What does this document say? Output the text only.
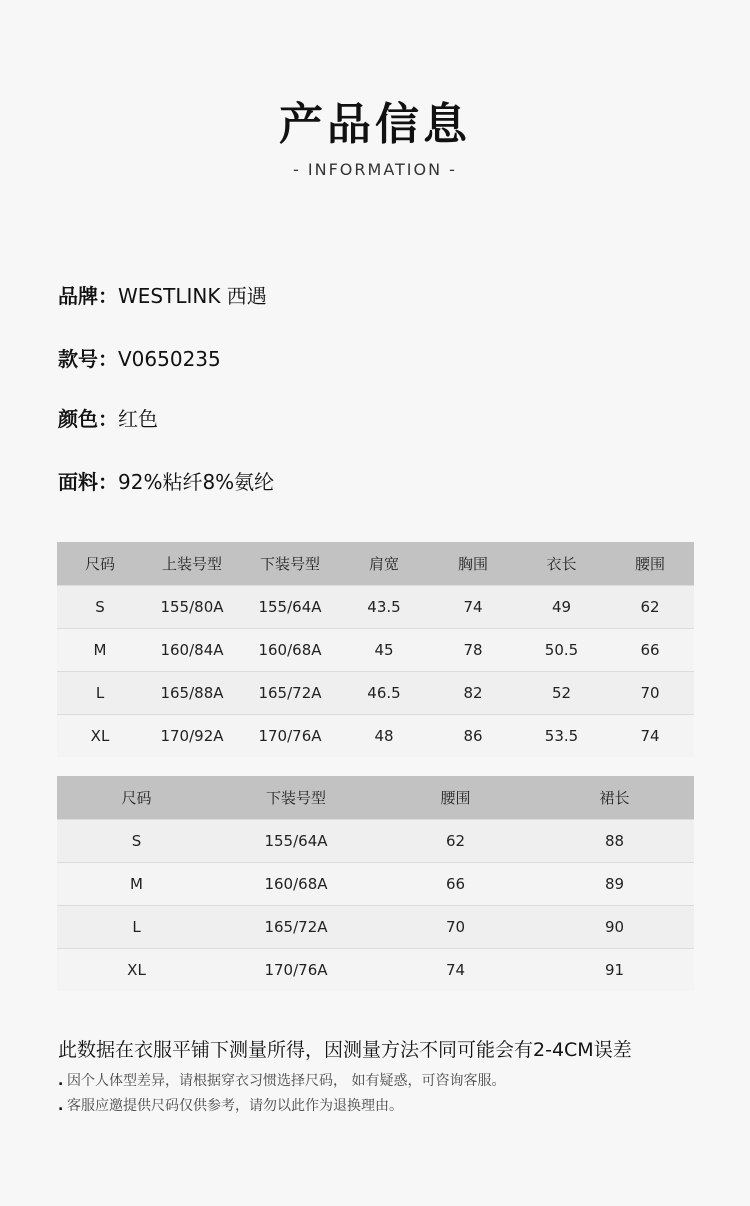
产品信息
- INFORMATION -
品牌：WESTLINK 西遇
款号：V0650235
颜色：红色
面料：92%粘纤8%氨纶
尺码	上装号型	下装号型	肩宽	胸围	衣长	腰围
S	155/80A	155/64A	43.5	74	49	62
M	160/84A	160/68A	45	78	50.5	66
L	165/88A	165/72A	46.5	82	52	70
XL	170/92A	170/76A	48	86	53.5	74
尺码	下装号型	腰围	裙长
S	155/64A	62	88
M	160/68A	66	89
L	165/72A	70	90
XL	170/76A	74	91
此数据在衣服平铺下测量所得，因测量方法不同可能会有2-4CM误差
. 因个人体型差异，请根据穿衣习惯选择尺码， 如有疑惑，可咨询客服。
. 客服应邀提供尺码仅供参考，请勿以此作为退换理由。
